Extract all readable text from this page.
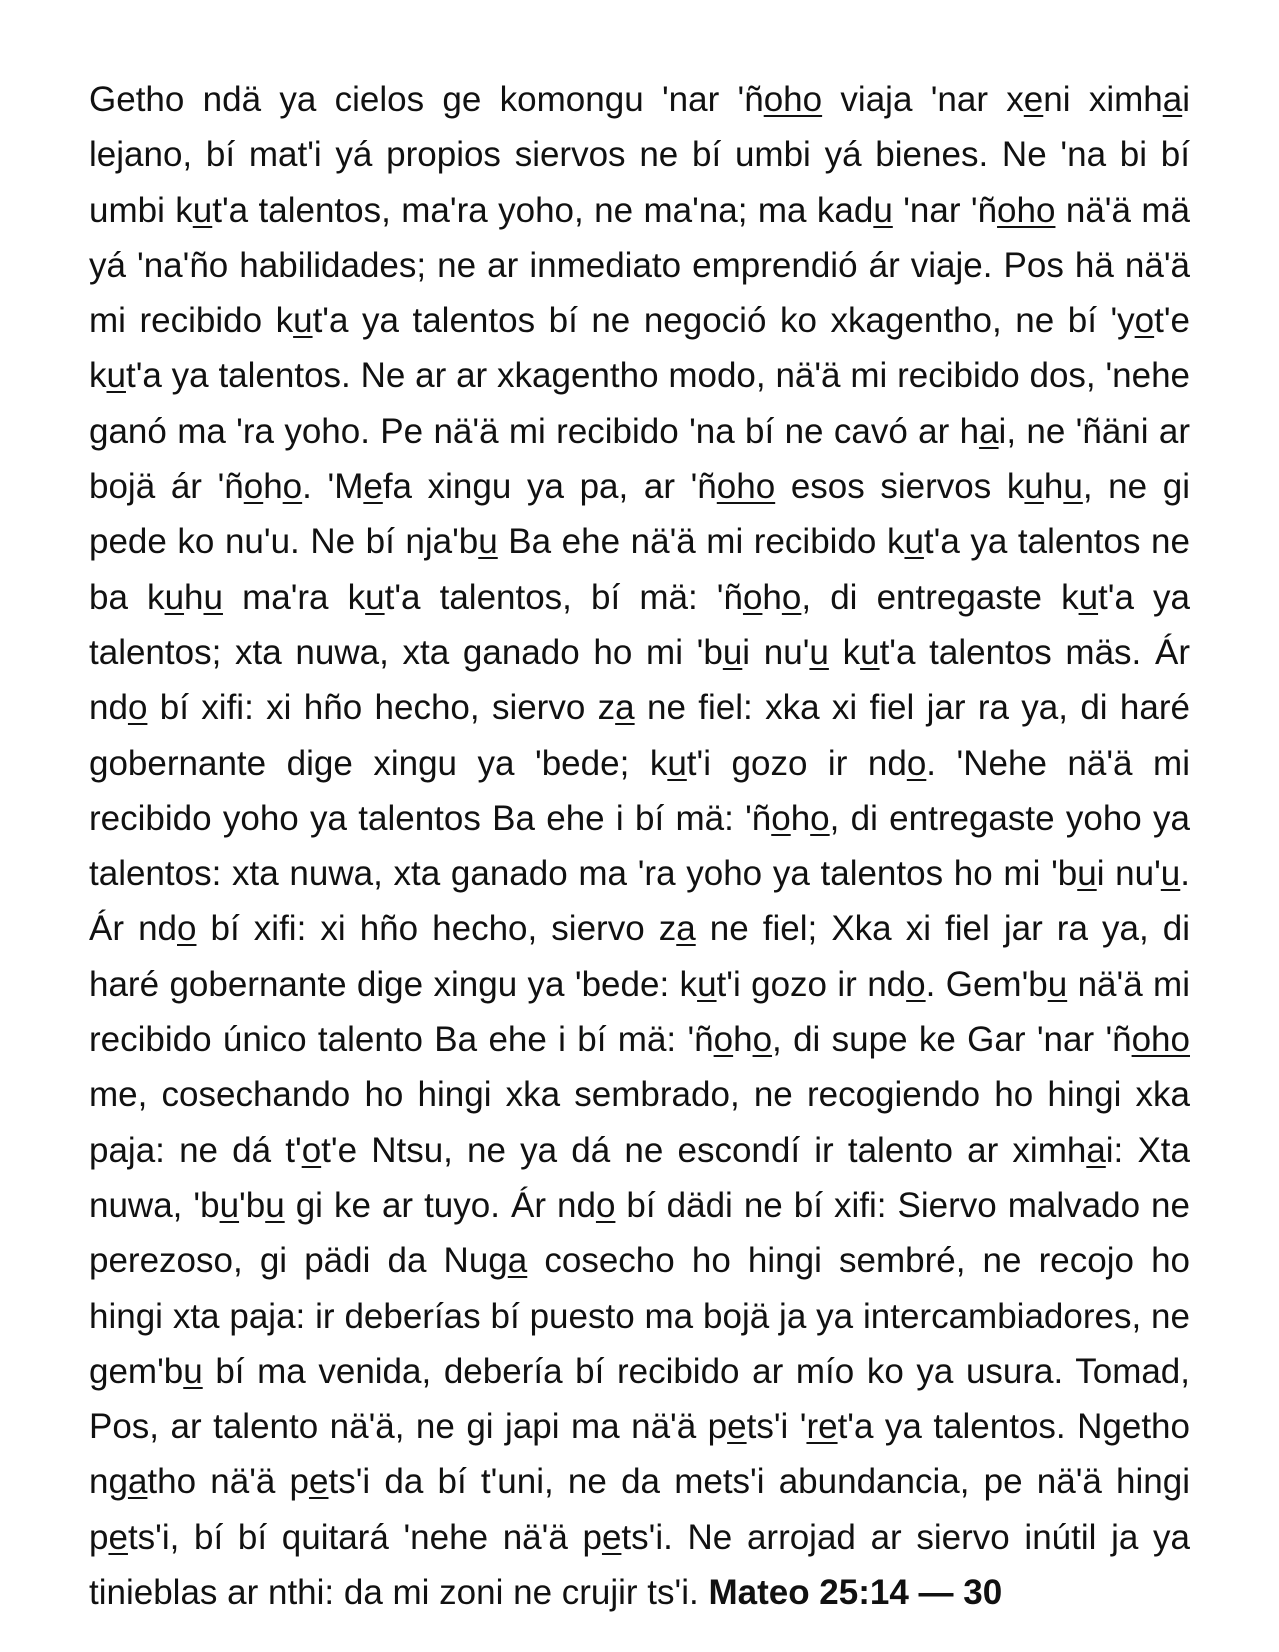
Getho ndä ya cielos ge komongu 'nar 'ñoho viaja 'nar xeni ximhai lejano, bí mat'i yá propios siervos ne bí umbi yá bienes. Ne 'na bi bí umbi kut'a talentos, ma'ra yoho, ne ma'na; ma kadu 'nar 'ñoho nä'ä mä yá 'na'ño habilidades; ne ar inmediato emprendió ár viaje. Pos hä nä'ä mi recibido kut'a ya talentos bí ne negoció ko xkagentho, ne bí 'yot'e kut'a ya talentos. Ne ar ar xkagentho modo, nä'ä mi recibido dos, 'nehe ganó ma 'ra yoho. Pe nä'ä mi recibido 'na bí ne cavó ar hai, ne 'ñäni ar bojä ár 'ñoho. 'Mefa xingu ya pa, ar 'ñoho esos siervos kuhu, ne gi pede ko nu'u. Ne bí nja'bu Ba ehe nä'ä mi recibido kut'a ya talentos ne ba kuhu ma'ra kut'a talentos, bí mä: 'ñoho, di entregaste kut'a ya talentos; xta nuwa, xta ganado ho mi 'bui nu'u kut'a talentos mäs. Ár ndo bí xifi: xi hño hecho, siervo za ne fiel: xka xi fiel jar ra ya, di haré gobernante dige xingu ya 'bede; kut'i gozo ir ndo. 'Nehe nä'ä mi recibido yoho ya talentos Ba ehe i bí mä: 'ñoho, di entregaste yoho ya talentos: xta nuwa, xta ganado ma 'ra yoho ya talentos ho mi 'bui nu'u. Ár ndo bí xifi: xi hño hecho, siervo za ne fiel; Xka xi fiel jar ra ya, di haré gobernante dige xingu ya 'bede: kut'i gozo ir ndo. Gem'bu nä'ä mi recibido único talento Ba ehe i bí mä: 'ñoho, di supe ke Gar 'nar 'ñoho me, cosechando ho hingi xka sembrado, ne recogiendo ho hingi xka paja: ne dá t'ot'e Ntsu, ne ya dá ne escondí ir talento ar ximhai: Xta nuwa, 'bu'bu gi ke ar tuyo. Ár ndo bí dädi ne bí xifi: Siervo malvado ne perezoso, gi pädi da Nuga cosecho ho hingi sembré, ne recojo ho hingi xta paja: ir deberías bí puesto ma bojä ja ya intercambiadores, ne gem'bu bí ma venida, debería bí recibido ar mío ko ya usura. Tomad, Pos, ar talento nä'ä, ne gi japi ma nä'ä pets'i 'ret'a ya talentos. Ngetho ngatho nä'ä pets'i da bí t'uni, ne da mets'i abundancia, pe nä'ä hingi pets'i, bí bí quitará 'nehe nä'ä pets'i. Ne arrojad ar siervo inútil ja ya tinieblas ar nthi: da mi zoni ne crujir ts'i. Mateo 25:14 — 30
